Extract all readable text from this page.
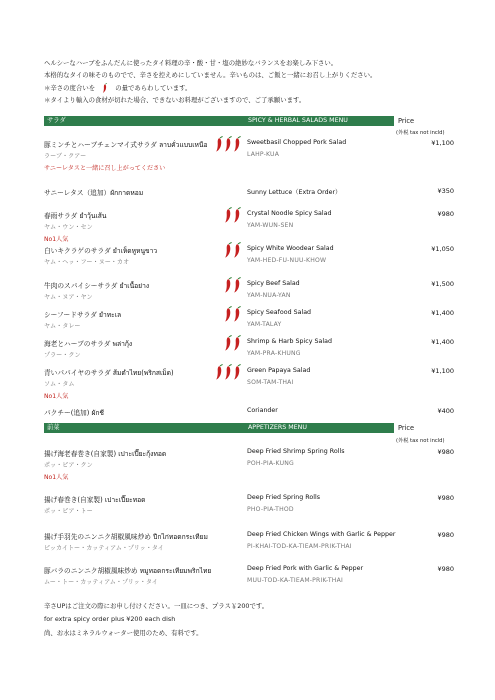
ヘルシーなハーブをふんだんに使ったタイ料理の辛・酸・甘・塩の絶妙なバランスをお楽しみ下さい。
本格的なタイの味そのものでで、辛さを控えめにしていません。辛いものは、ご飯と一緒にお召し上がりください。
＊辛さの度合いを	の量であらわしています。
＊タイより輸入の食材が切れた場合、できないお料理がございますので、ご了承願います。
サラダ	SPICY & HERBAL SALADS MENU	Price
(外税 tax not incld)
豚ミンチとハーブチェンマイ式サラダ ลาบคั่วแบบเหนือ
ラーブ・クアー
サニーレタスと一緒に召し上がってください
Sweetbasil Chopped Pork Salad
LAHP-KUA
¥1,100
サニーレタス（追加）ผักกาดหอม	Sunny Lettuce（Extra Order）	¥350
春雨サラダ ยำวุ้นเส้น
ヤム・ウン・セン
No1人気
Crystal Noodle Spicy Salad
YAM-WUN-SEN
¥980
白いキクラゲのサラダ ยำเห็ดหูหนูขาว
ヤム・ヘッ・フー・ヌー・カオ
Spicy White Woodear Salad
YAM-HED-FU-NUU-KHOW
¥1,050
牛肉のスパイシーサラダ ยำเนื้อย่าง
ヤム・ヌア・ヤン
Spicy Beef Salad
YAM-NUA-YAN
¥1,500
シーフードサラダ ยำทะเล
ヤム・タレー
Spicy Seafood Salad
YAM-TALAY
¥1,400
海老とハーブのサラダ พล่ากุ้ง
プラー・クン
Shrimp & Harb Spicy Salad
YAM-PRA-KHUNG
¥1,400
青いパパイヤのサラダ ส้มตำไทย(พริกสเม็ด)
ソム・タム
No1人気
Green Papaya Salad
SOM-TAM-THAI
¥1,100
パクチー(追加) ผักชี	Coriander	¥400
前菜	APPETIZERS MENU	Price
(外税 tax not incld)
揚げ海老春巻き(自家製) เปาะเปี๊ยะกุ้งทอด
ポッ・ピア・クン
No1人気
Deep Fried Shrimp Spring Rolls
POH-PIA-KUNG
¥980
揚げ春巻き(自家製) เปาะเปี๊ยะทอด
ポッ・ピア・トー
Deep Fried Spring Rolls
PHO-PIA-THOD
¥980
揚げ手羽先のニンニク胡椒風味炒め ปีกไก่ทอดกระเทียม
ピッカイトー・カッティアム・プリッ・タイ
Deep Fried Chicken Wings with Garlic & Pepper
PI-KHAI-TOD-KA-TIEAM-PRIK-THAI
¥980
豚バラのニンニク胡椒風味炒め หมูทอดกระเทียมพริกไทย
ムー・トー・カッティアム・プリッ・タイ
Deep Fried Pork with Garlic & Pepper
MUU-TOD-KA-TIEAM-PRIK-THAI
¥980
辛さUPはご注文の際にお申し付けください。一皿につき、プラス￥200です。
for extra spicy order plus ¥200 each dish
尚、お水はミネラルウォーター使用のため、有料です。
